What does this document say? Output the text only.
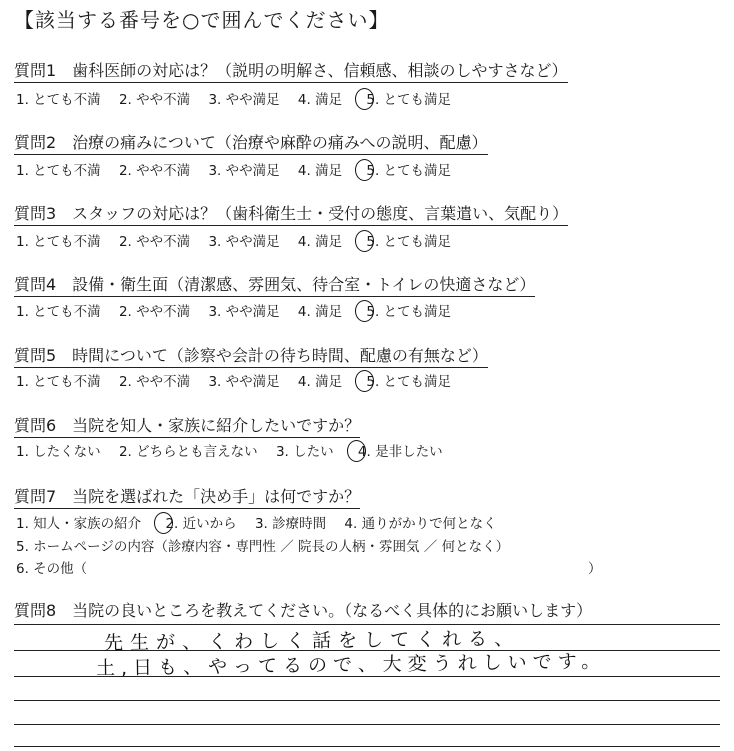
【該当する番号を○で囲んでください】
質問1　歯科医師の対応は？（説明の明解さ、信頼感、相談のしやすさなど）
1. とても不満 2. やや不満 3. やや満足 4. 満足 5. とても満足
質問2　治療の痛みについて（治療や麻酔の痛みへの説明、配慮）
1. とても不満 2. やや不満 3. やや満足 4. 満足 5. とても満足
質問3　スタッフの対応は？（歯科衛生士・受付の態度、言葉遣い、気配り）
1. とても不満 2. やや不満 3. やや満足 4. 満足 5. とても満足
質問4　設備・衛生面（清潔感、雰囲気、待合室・トイレの快適さなど）
1. とても不満 2. やや不満 3. やや満足 4. 満足 5. とても満足
質問5　時間について（診察や会計の待ち時間、配慮の有無など）
1. とても不満 2. やや不満 3. やや満足 4. 満足 5. とても満足
質問6　当院を知人・家族に紹介したいですか？
1. したくない 2. どちらとも言えない 3. したい 4. 是非したい
質問7　当院を選ばれた「決め手」は何ですか？
1. 知人・家族の紹介 2. 近いから 3. 診療時間 4. 通りがかりで何となく
5. ホームページの内容（診療内容・専門性 ／ 院長の人柄・雰囲気 ／ 何となく）
6. その他（	）
質問8　当院の良いところを教えてください。（なるべく具体的にお願いします）
先生が、くわしく話をしてくれる、
土,日も、やってるので、大変うれしいです。
